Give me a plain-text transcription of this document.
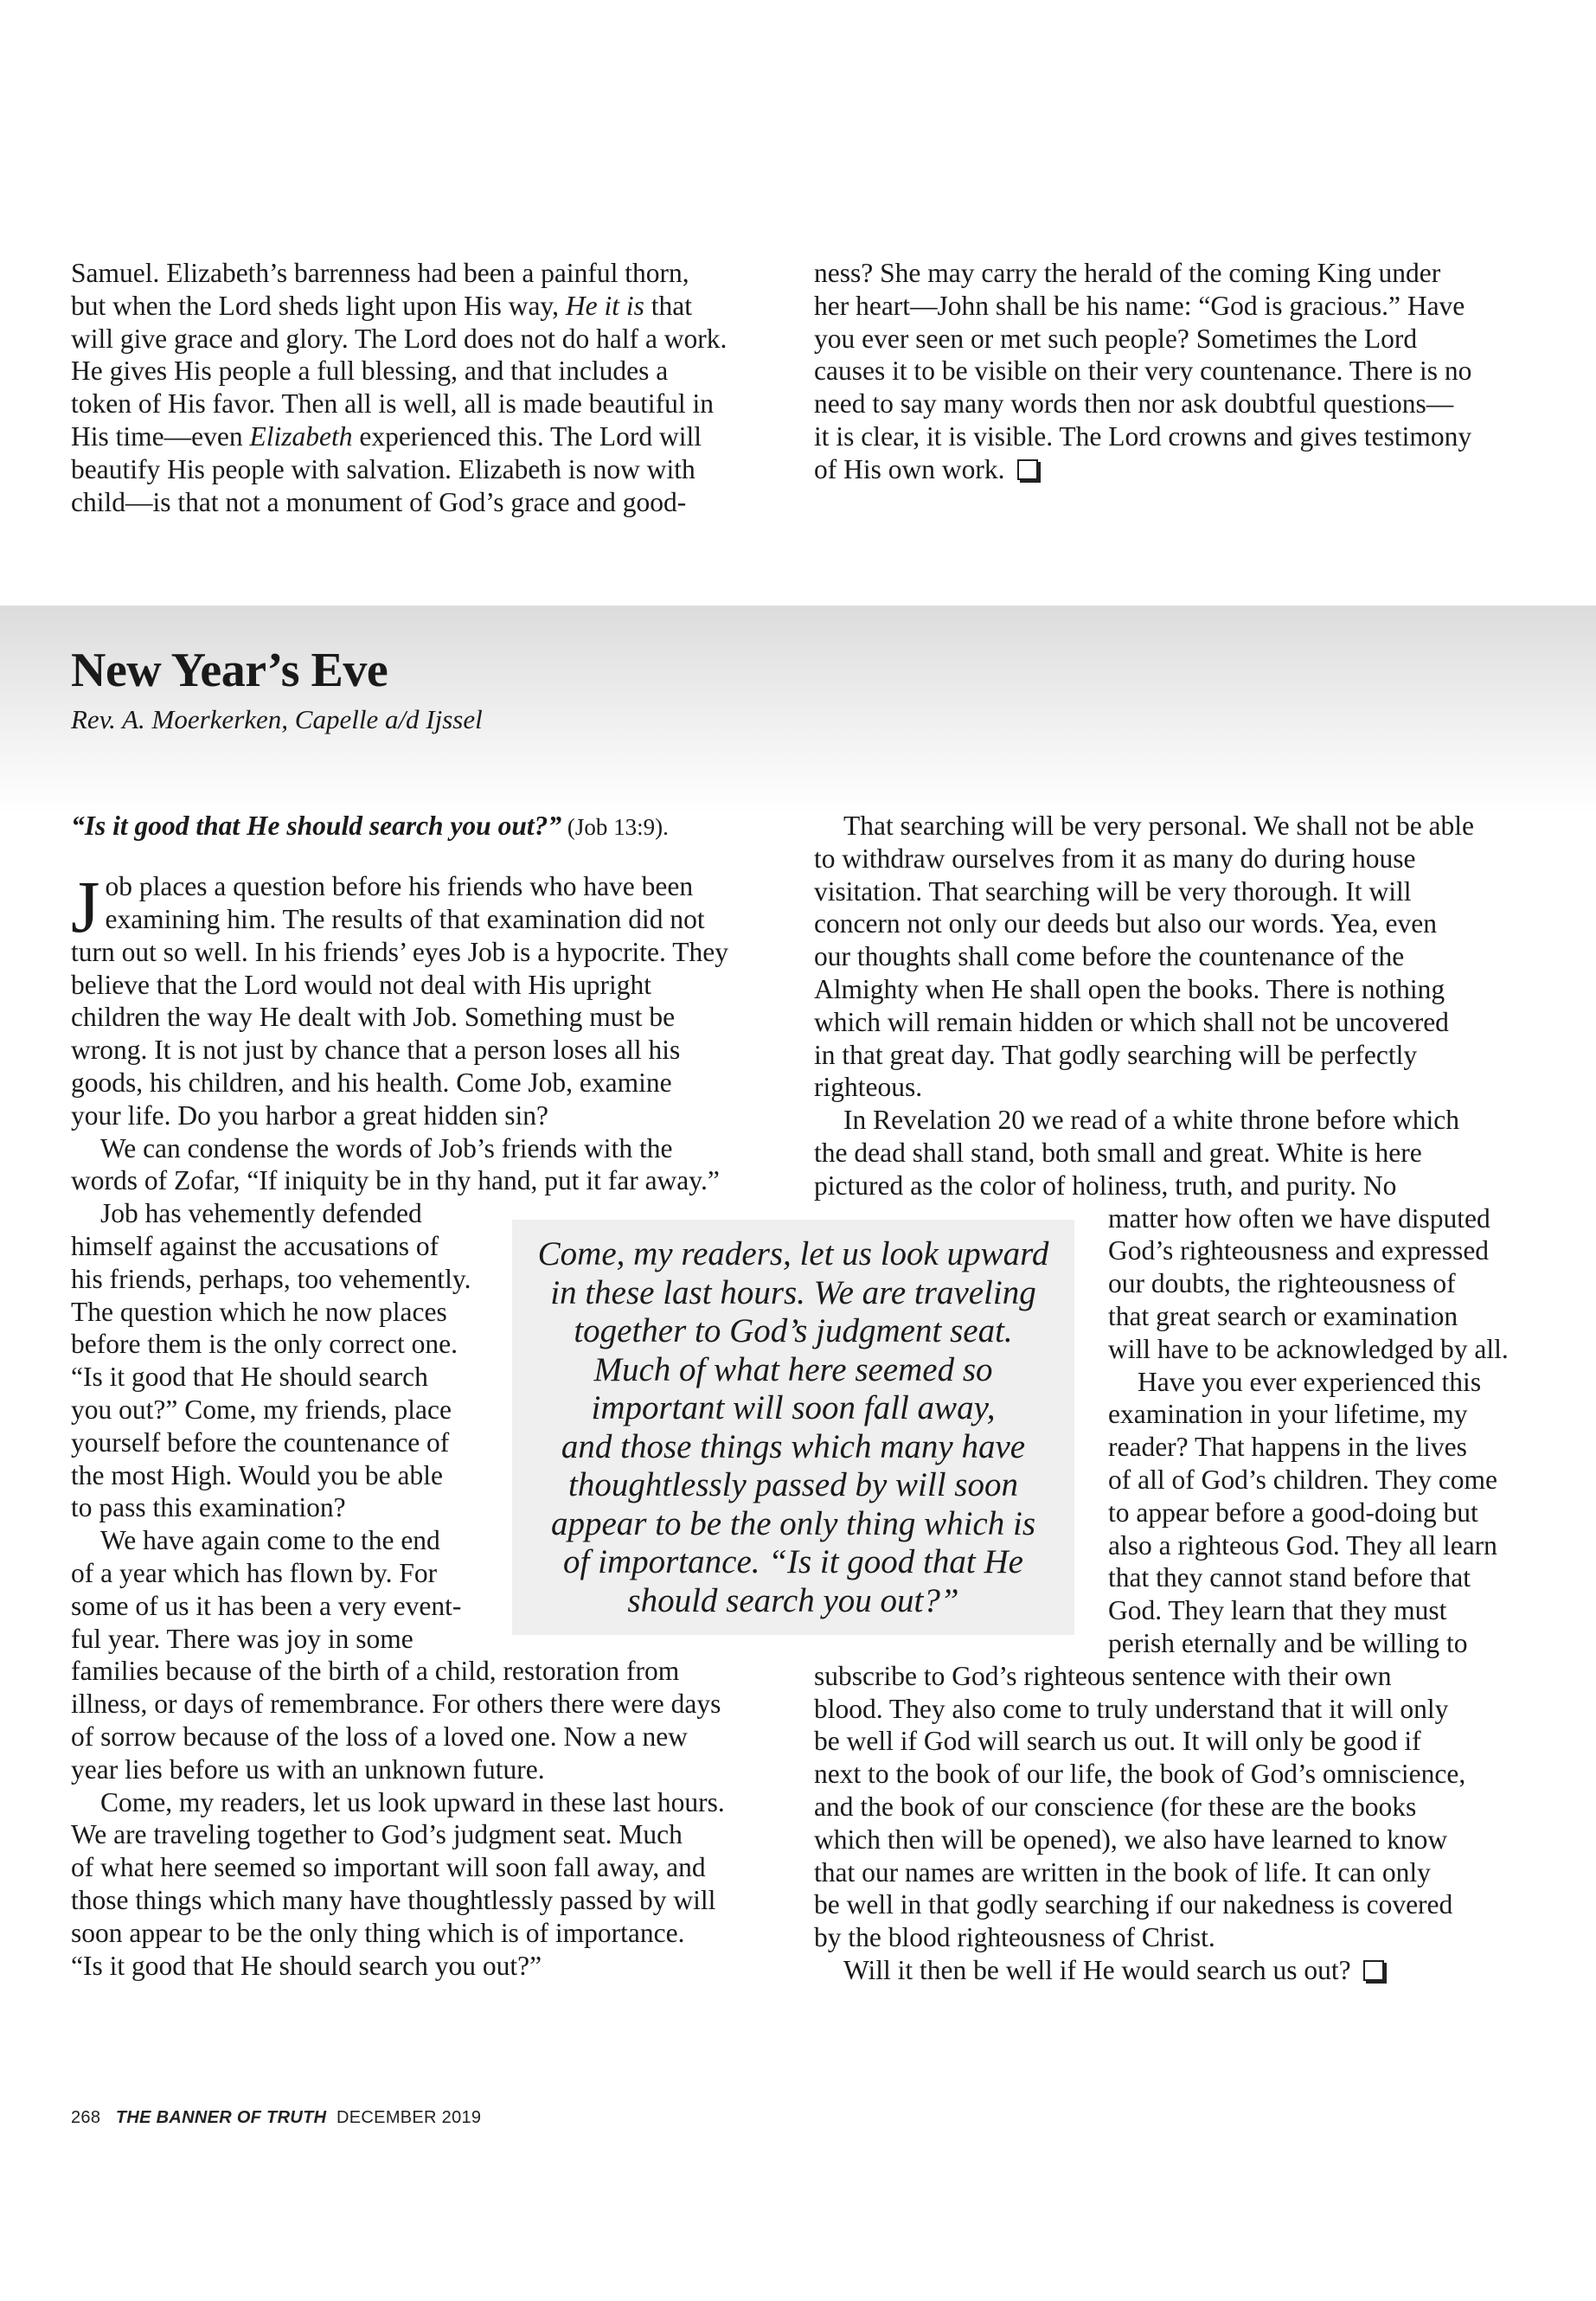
Samuel. Elizabeth’s barrenness had been a painful thorn,
but when the Lord sheds light upon His way, He it is that
will give grace and glory. The Lord does not do half a work.
He gives His people a full blessing, and that includes a
token of His favor. Then all is well, all is made beautiful in
His time—even Elizabeth experienced this. The Lord will
beautify His people with salvation. Elizabeth is now with
child—is that not a monument of God’s grace and good-
ness? She may carry the herald of the coming King under
her heart—John shall be his name: “God is gracious.” Have
you ever seen or met such people? Sometimes the Lord
causes it to be visible on their very countenance. There is no
need to say many words then nor ask doubtful questions—
it is clear, it is visible. The Lord crowns and gives testimony
of His own work.
New Year’s Eve

Rev. A. Moerkerken, Capelle a/d Ijssel

“Is it good that He should search you out?” (Job 13:9).
J ob places a question before his friends who have been
examining him. The results of that examination did not
turn out so well. In his friends’ eyes Job is a hypocrite. They
believe that the Lord would not deal with His upright
children the way He dealt with Job. Something must be
wrong. It is not just by chance that a person loses all his
goods, his children, and his health. Come Job, examine
your life. Do you harbor a great hidden sin?
We can condense the words of Job’s friends with the
words of Zofar, “If iniquity be in thy hand, put it far away.”
Job has vehemently defended
himself against the accusations of
his friends, perhaps, too vehemently.
The question which he now places
before them is the only correct one.
“Is it good that He should search
you out?” Come, my friends, place
yourself before the countenance of
the most High. Would you be able
to pass this examination?
We have again come to the end
of a year which has flown by. For
some of us it has been a very event-
ful year. There was joy in some
families because of the birth of a child, restoration from
illness, or days of remembrance. For others there were days
of sorrow because of the loss of a loved one. Now a new
year lies before us with an unknown future.
Come, my readers, let us look upward in these last hours.
We are traveling together to God’s judgment seat. Much
of what here seemed so important will soon fall away, and
those things which many have thoughtlessly passed by will
soon appear to be the only thing which is of importance.
“Is it good that He should search you out?”
That searching will be very personal. We shall not be able
to withdraw ourselves from it as many do during house
visitation. That searching will be very thorough. It will
concern not only our deeds but also our words. Yea, even
our thoughts shall come before the countenance of the
Almighty when He shall open the books. There is nothing
which will remain hidden or which shall not be uncovered
in that great day. That godly searching will be perfectly
righteous.
In Revelation 20 we read of a white throne before which
the dead shall stand, both small and great. White is here
pictured as the color of holiness, truth, and purity. No
matter how often we have disputed
God’s righteousness and expressed
our doubts, the righteousness of
that great search or examination
will have to be acknowledged by all.
Have you ever experienced this
examination in your lifetime, my
reader? That happens in the lives
of all of God’s children. They come
to appear before a good-doing but
also a righteous God. They all learn
that they cannot stand before that
God. They learn that they must
perish eternally and be willing to
subscribe to God’s righteous sentence with their own
blood. They also come to truly understand that it will only
be well if God will search us out. It will only be good if
next to the book of our life, the book of God’s omniscience,
and the book of our conscience (for these are the books
which then will be opened), we also have learned to know
that our names are written in the book of life. It can only
be well in that godly searching if our nakedness is covered
by the blood righteousness of Christ.
Will it then be well if He would search us out?
Come, my readers, let us look upward
in these last hours. We are traveling
together to God’s judgment seat.
Much of what here seemed so
important will soon fall away,
and those things which many have
thoughtlessly passed by will soon
appear to be the only thing which is
of importance. “Is it good that He
should search you out?”

268 THE BANNER OF TRUTH DECEMBER 2019
